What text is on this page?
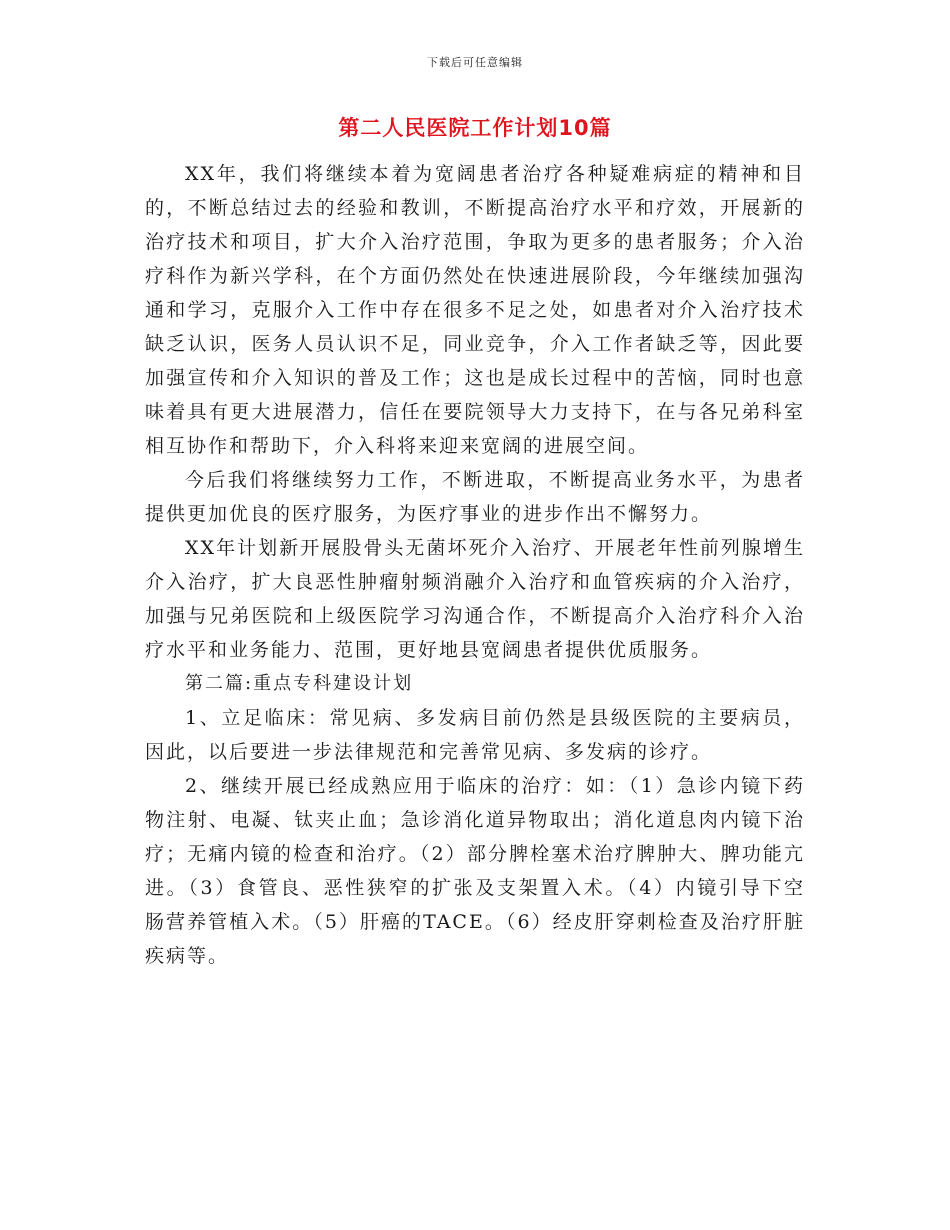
下载后可任意编辑
第二人民医院工作计划10篇

XX年，我们将继续本着为宽阔患者治疗各种疑难病症的精神和目的，不断总结过去的经验和教训，不断提高治疗水平和疗效，开展新的治疗技术和项目，扩大介入治疗范围，争取为更多的患者服务；介入治疗科作为新兴学科，在个方面仍然处在快速进展阶段，今年继续加强沟通和学习，克服介入工作中存在很多不足之处，如患者对介入治疗技术缺乏认识，医务人员认识不足，同业竞争，介入工作者缺乏等，因此要加强宣传和介入知识的普及工作；这也是成长过程中的苦恼，同时也意味着具有更大进展潜力，信任在要院领导大力支持下，在与各兄弟科室相互协作和帮助下，介入科将来迎来宽阔的进展空间。

今后我们将继续努力工作，不断进取，不断提高业务水平，为患者提供更加优良的医疗服务，为医疗事业的进步作出不懈努力。

XX年计划新开展股骨头无菌坏死介入治疗、开展老年性前列腺增生介入治疗，扩大良恶性肿瘤射频消融介入治疗和血管疾病的介入治疗，加强与兄弟医院和上级医院学习沟通合作，不断提高介入治疗科介入治疗水平和业务能力、范围，更好地县宽阔患者提供优质服务。

第二篇:重点专科建设计划

1、立足临床：常见病、多发病目前仍然是县级医院的主要病员，因此，以后要进一步法律规范和完善常见病、多发病的诊疗。

2、继续开展已经成熟应用于临床的治疗：如：（1）急诊内镜下药物注射、电凝、钛夹止血；急诊消化道异物取出；消化道息肉内镜下治疗；无痛内镜的检查和治疗。（2）部分脾栓塞术治疗脾肿大、脾功能亢进。（3）食管良、恶性狭窄的扩张及支架置入术。（4）内镜引导下空肠营养管植入术。（5）肝癌的TACE。（6）经皮肝穿刺检查及治疗肝脏疾病等。
